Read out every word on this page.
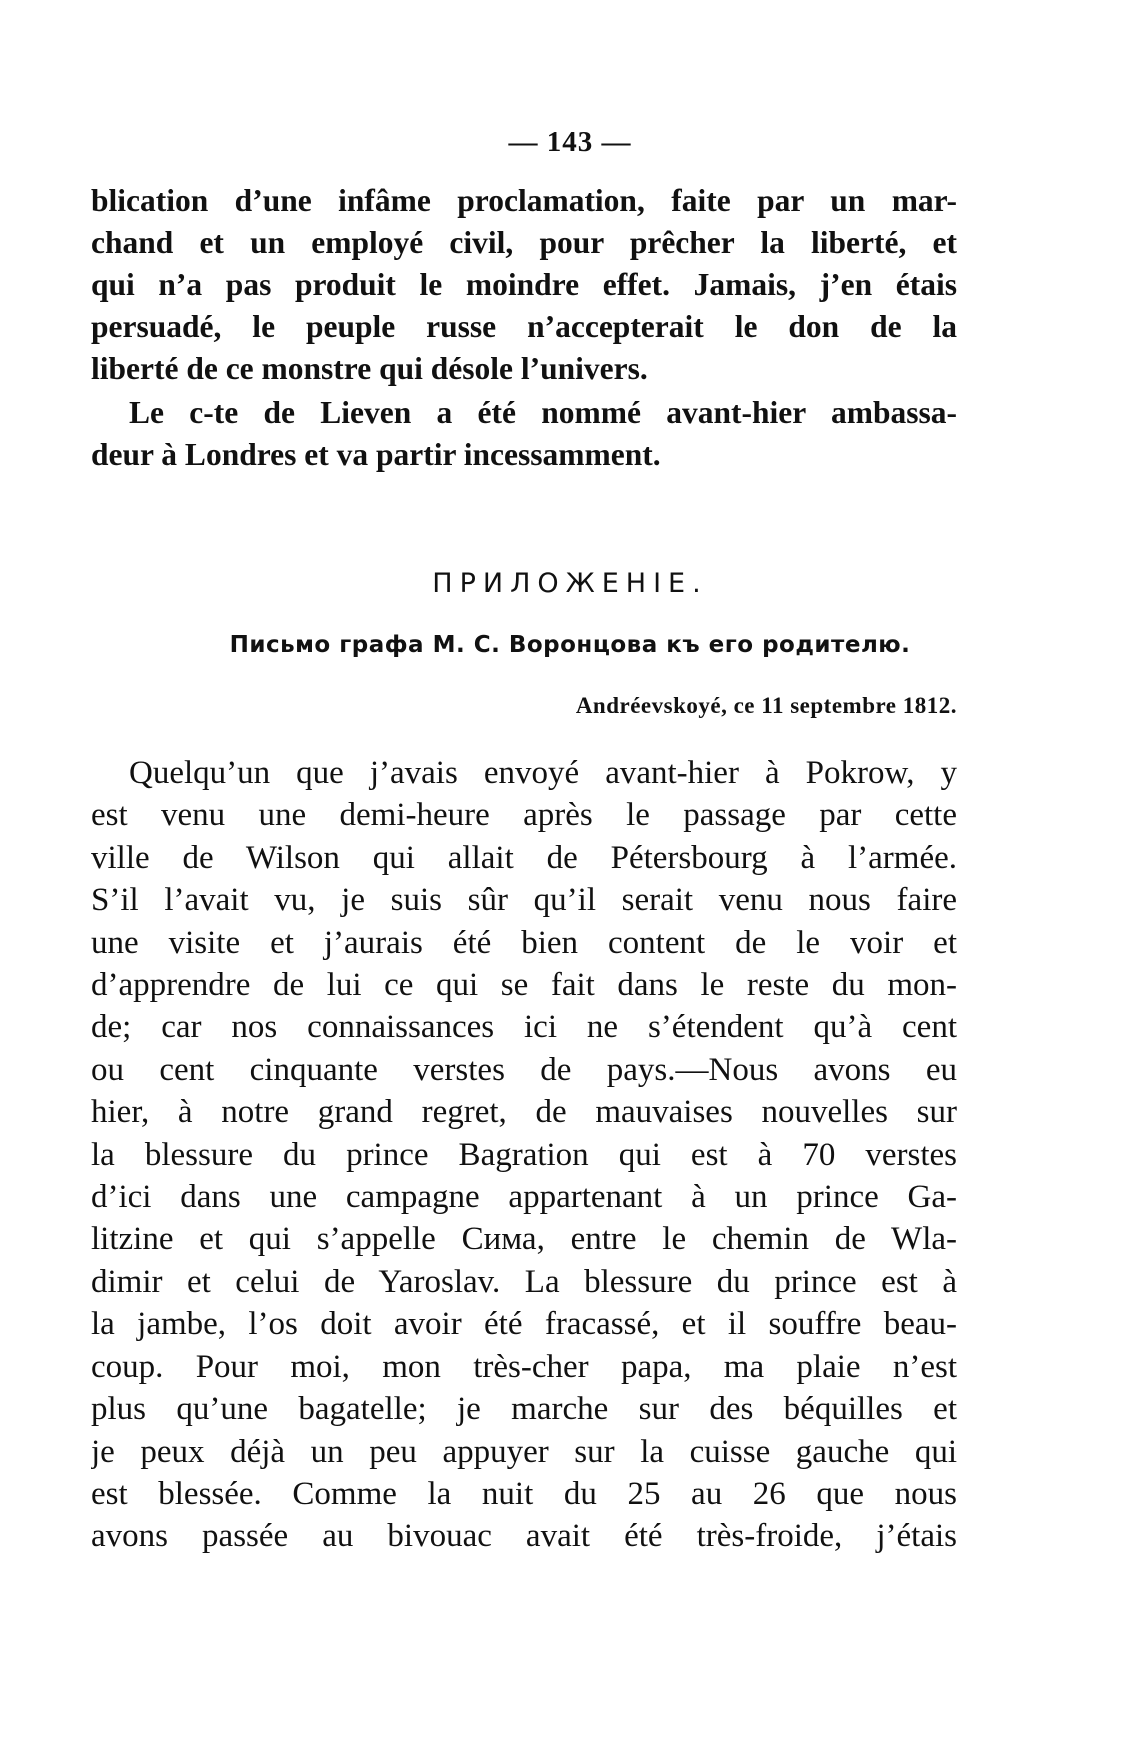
— 143 —
blication d’une infâme proclamation, faite par un mar-
chand et un employé civil, pour prêcher la liberté, et
qui n’a pas produit le moindre effet. Jamais, j’en étais
persuadé, le peuple russe n’accepterait le don de la
liberté de ce monstre qui désole l’univers.
Le c-te de Lieven a été nommé avant-hier ambassa-
deur à Londres et va partir incessamment.
ПРИЛОЖЕНІЕ.
Письмо графа М. С. Воронцова къ его родителю.
Andréevskoyé, ce 11 septembre 1812.
Quelqu’un que j’avais envoyé avant-hier à Pokrow, y
est venu une demi-heure après le passage par cette
ville de Wilson qui allait de Pétersbourg à l’armée.
S’il l’avait vu, je suis sûr qu’il serait venu nous faire
une visite et j’aurais été bien content de le voir et
d’apprendre de lui ce qui se fait dans le reste du mon-
de; car nos connaissances ici ne s’étendent qu’à cent
ou cent cinquante verstes de pays.—Nous avons eu
hier, à notre grand regret, de mauvaises nouvelles sur
la blessure du prince Bagration qui est à 70 verstes
d’ici dans une campagne appartenant à un prince Ga-
litzine et qui s’appelle Сима, entre le chemin de Wla-
dimir et celui de Yaroslav. La blessure du prince est à
la jambe, l’os doit avoir été fracassé, et il souffre beau-
coup. Pour moi, mon très-cher papa, ma plaie n’est
plus qu’une bagatelle; je marche sur des béquilles et
je peux déjà un peu appuyer sur la cuisse gauche qui
est blessée. Comme la nuit du 25 au 26 que nous
avons passée au bivouac avait été très-froide, j’étais
